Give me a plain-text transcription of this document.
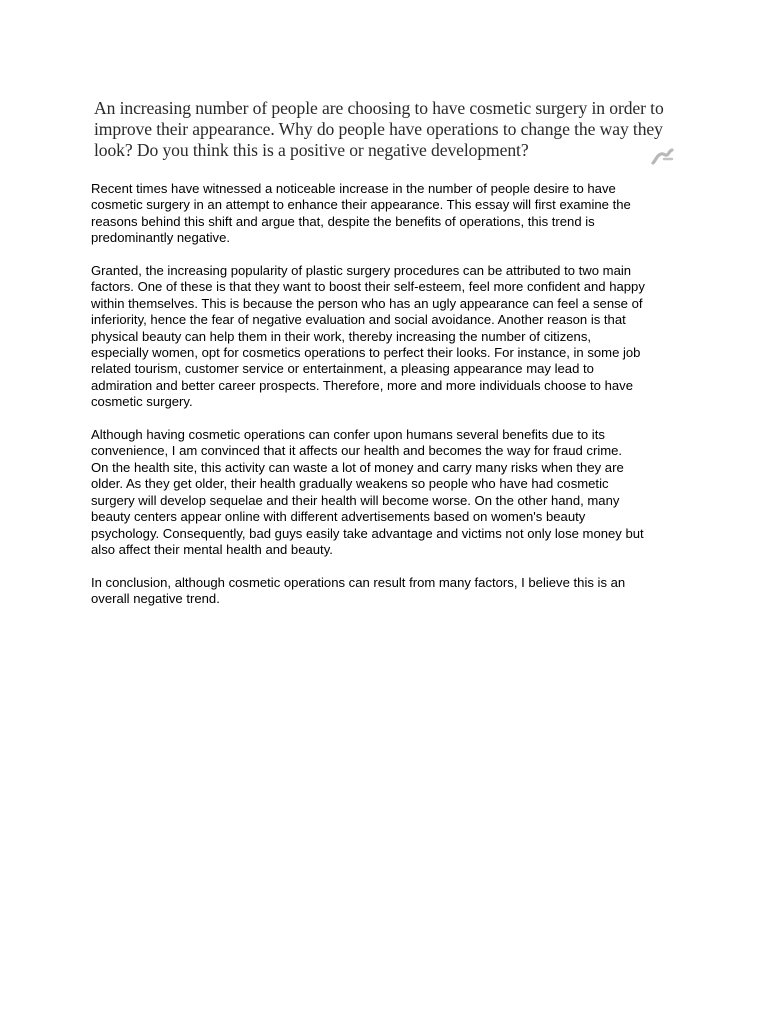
An increasing number of people are choosing to have cosmetic surgery in order to
improve their appearance. Why do people have operations to change the way they
look? Do you think this is a positive or negative development?

Recent times have witnessed a noticeable increase in the number of people desire to have
cosmetic surgery in an attempt to enhance their appearance. This essay will first examine the
reasons behind this shift and argue that, despite the benefits of operations, this trend is
predominantly negative.

Granted, the increasing popularity of plastic surgery procedures can be attributed to two main
factors. One of these is that they want to boost their self-esteem, feel more confident and happy
within themselves. This is because the person who has an ugly appearance can feel a sense of
inferiority, hence the fear of negative evaluation and social avoidance. Another reason is that
physical beauty can help them in their work, thereby increasing the number of citizens,
especially women, opt for cosmetics operations to perfect their looks. For instance, in some job
related tourism, customer service or entertainment, a pleasing appearance may lead to
admiration and better career prospects. Therefore, more and more individuals choose to have
cosmetic surgery.

Although having cosmetic operations can confer upon humans several benefits due to its
convenience, I am convinced that it affects our health and becomes the way for fraud crime.
On the health site, this activity can waste a lot of money and carry many risks when they are
older. As they get older, their health gradually weakens so people who have had cosmetic
surgery will develop sequelae and their health will become worse. On the other hand, many
beauty centers appear online with different advertisements based on women's beauty
psychology. Consequently, bad guys easily take advantage and victims not only lose money but
also affect their mental health and beauty.

In conclusion, although cosmetic operations can result from many factors, I believe this is an
overall negative trend.
